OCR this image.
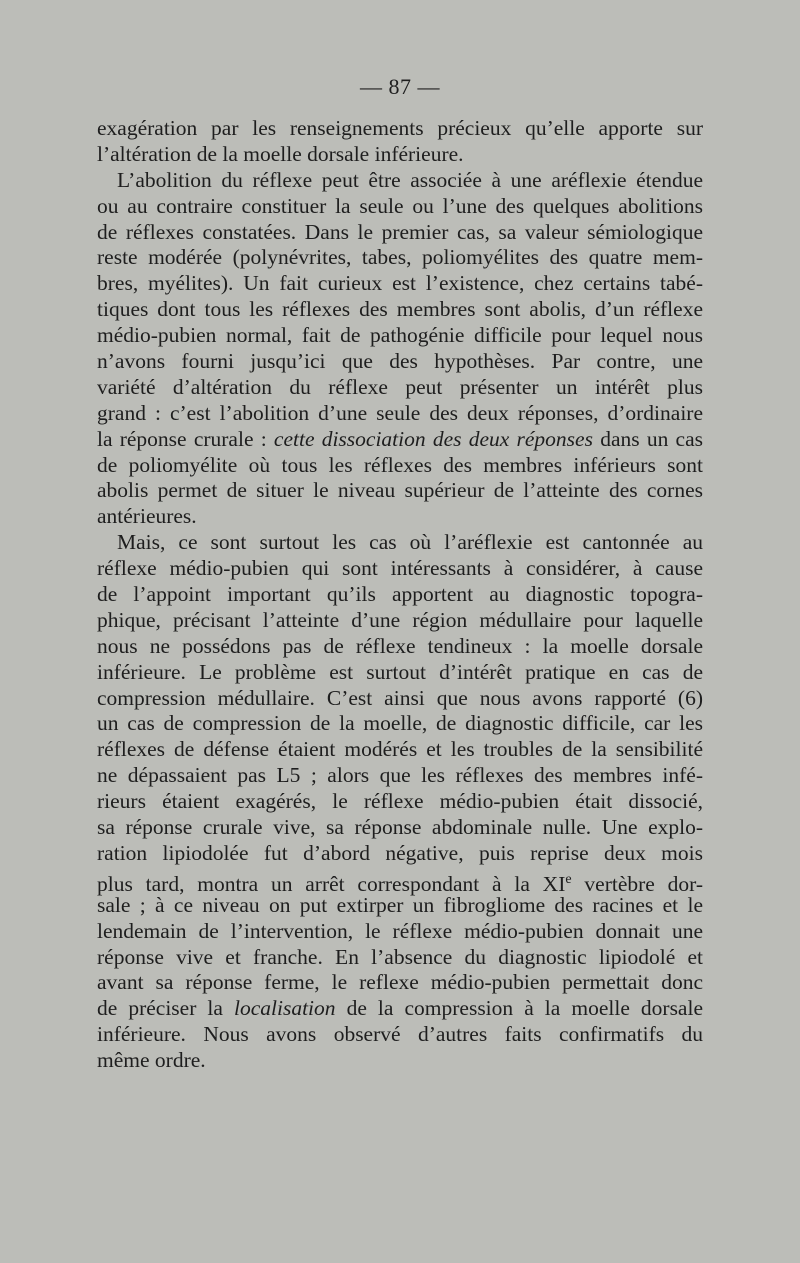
— 87 —
exagération par les renseignements précieux qu’elle apporte sur
l’altération de la moelle dorsale inférieure.
L’abolition du réflexe peut être associée à une aréflexie étendue
ou au contraire constituer la seule ou l’une des quelques abolitions
de réflexes constatées. Dans le premier cas, sa valeur sémiologique
reste modérée (polynévrites, tabes, poliomyélites des quatre mem-
bres, myélites). Un fait curieux est l’existence, chez certains tabé-
tiques dont tous les réflexes des membres sont abolis, d’un réflexe
médio-pubien normal, fait de pathogénie difficile pour lequel nous
n’avons fourni jusqu’ici que des hypothèses. Par contre, une
variété d’altération du réflexe peut présenter un intérêt plus
grand : c’est l’abolition d’une seule des deux réponses, d’ordinaire
la réponse crurale : cette dissociation des deux réponses dans un cas
de poliomyélite où tous les réflexes des membres inférieurs sont
abolis permet de situer le niveau supérieur de l’atteinte des cornes
antérieures.
Mais, ce sont surtout les cas où l’aréflexie est cantonnée au
réflexe médio-pubien qui sont intéressants à considérer, à cause
de l’appoint important qu’ils apportent au diagnostic topogra-
phique, précisant l’atteinte d’une région médullaire pour laquelle
nous ne possédons pas de réflexe tendineux : la moelle dorsale
inférieure. Le problème est surtout d’intérêt pratique en cas de
compression médullaire. C’est ainsi que nous avons rapporté (6)
un cas de compression de la moelle, de diagnostic difficile, car les
réflexes de défense étaient modérés et les troubles de la sensibilité
ne dépassaient pas L5 ; alors que les réflexes des membres infé-
rieurs étaient exagérés, le réflexe médio-pubien était dissocié,
sa réponse crurale vive, sa réponse abdominale nulle. Une explo-
ration lipiodolée fut d’abord négative, puis reprise deux mois
plus tard, montra un arrêt correspondant à la XIe vertèbre dor-
sale ; à ce niveau on put extirper un fibrogliome des racines et le
lendemain de l’intervention, le réflexe médio-pubien donnait une
réponse vive et franche. En l’absence du diagnostic lipiodolé et
avant sa réponse ferme, le reflexe médio-pubien permettait donc
de préciser la localisation de la compression à la moelle dorsale
inférieure. Nous avons observé d’autres faits confirmatifs du
même ordre.
